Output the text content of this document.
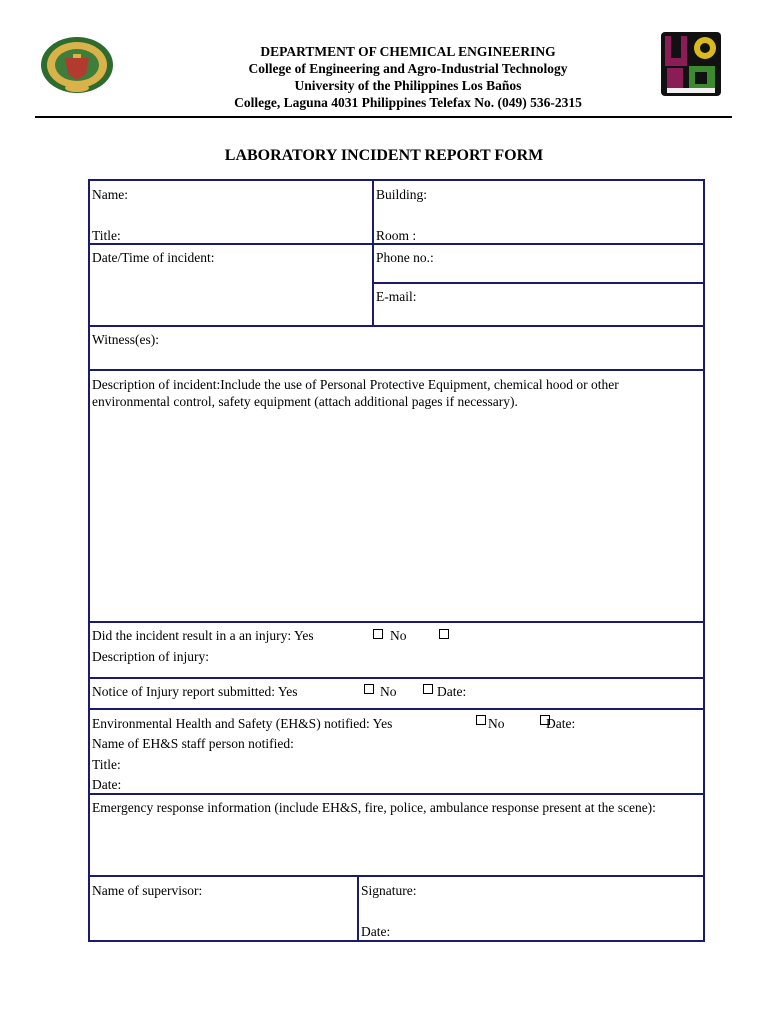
DEPARTMENT OF CHEMICAL ENGINEERING
College of Engineering and Agro-Industrial Technology
University of the Philippines Los Baños
College, Laguna 4031 Philippines Telefax No. (049) 536-2315
LABORATORY INCIDENT REPORT FORM
Name:
Title:
Building:
Room :
Date/Time of incident:	Phone no.:
E-mail:
Witness(es):
Description of incident:Include the use of Personal Protective Equipment, chemical hood or other environmental control, safety equipment (attach additional pages if necessary).
Did the incident result in a an injury: Yes	No
Description of injury:
Notice of Injury report submitted: Yes	No	Date:
Environmental Health and Safety (EH&S) notified: Yes	No	Date:
Name of EH&S staff person notified:
Title:
Date:
Emergency response information (include EH&S, fire, police, ambulance response present at the scene):
Name of supervisor:	Signature:
Date:
